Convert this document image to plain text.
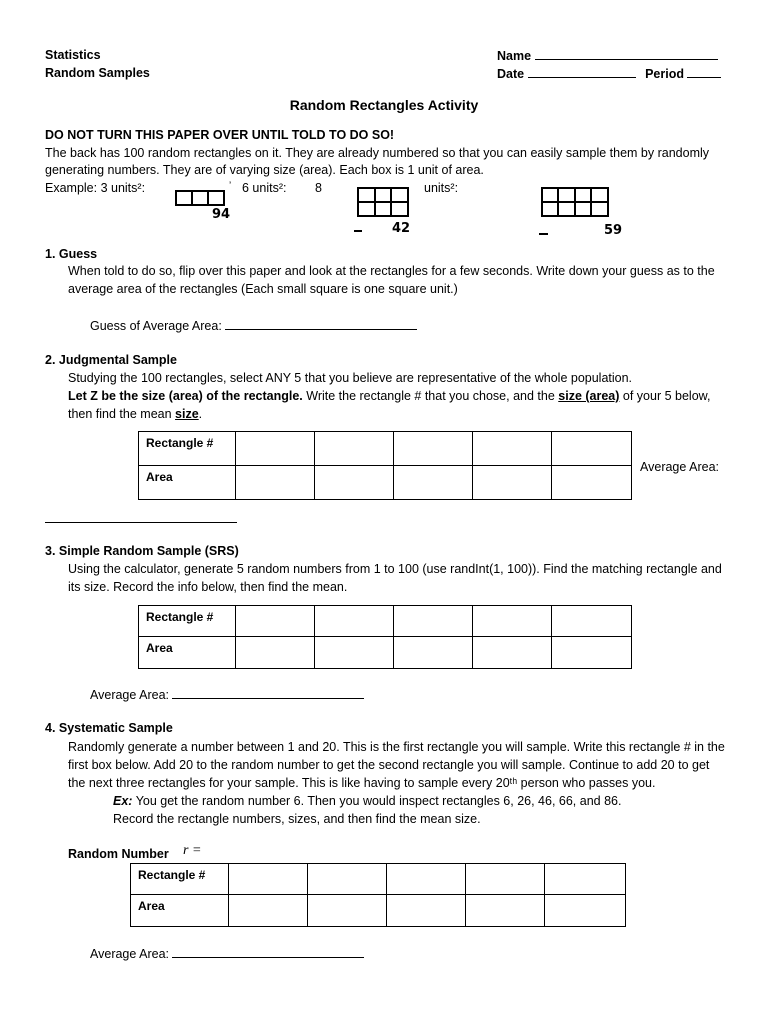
Statistics
Random Samples
Name
Date	Period
Random Rectangles Activity
DO NOT TURN THIS PAPER OVER UNTIL TOLD TO DO SO!
The back has 100 random rectangles on it. They are already numbered so that you can easily sample them by randomly
generating numbers. They are of varying size (area). Each box is 1 unit of area.
Example: 3 units²:	6 units²: 8	units²:
ʼ
94
42	59
1. Guess
When told to do so, flip over this paper and look at the rectangles for a few seconds. Write down your guess as to the
average area of the rectangles (Each small square is one square unit.)
Guess of Average Area:
2. Judgmental Sample
Studying the 100 rectangles, select ANY 5 that you believe are representative of the whole population.
Let Z be the size (area) of the rectangle. Write the rectangle # that you chose, and the size (area) of your 5 below,
then find the mean size.
Rectangle #					
Area					
Average Area:
3. Simple Random Sample (SRS)
Using the calculator, generate 5 random numbers from 1 to 100 (use randInt(1, 100)). Find the matching rectangle and
its size. Record the info below, then find the mean.
Rectangle #					
Area					
Average Area:
4. Systematic Sample
Randomly generate a number between 1 and 20. This is the first rectangle you will sample. Write this rectangle # in the
first box below. Add 20 to the random number to get the second rectangle you will sample. Continue to add 20 to get
the next three rectangles for your sample. This is like having to sample every 20ᵗʰ person who passes you.
Ex: You get the random number 6. Then you would inspect rectangles 6, 26, 46, 66, and 86.
Record the rectangle numbers, sizes, and then find the mean size.
Random Number r =
Rectangle #					
Area					
Average Area:
